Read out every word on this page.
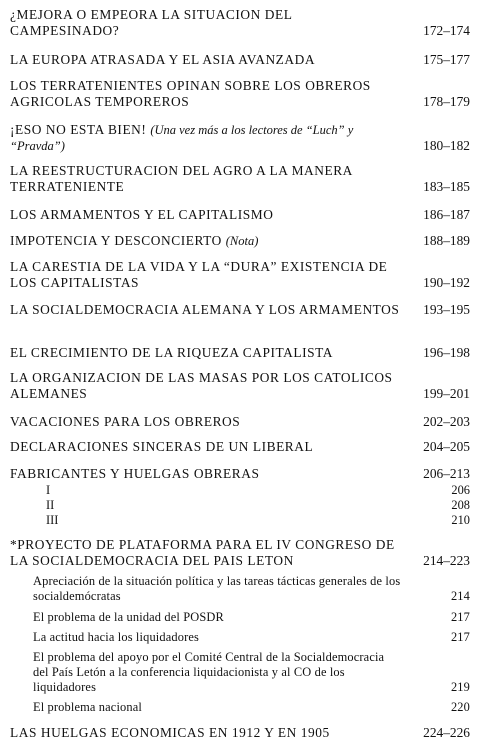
¿MEJORA O EMPEORA LA SITUACION DEL CAMPESINADO?	172–174
LA EUROPA ATRASADA Y EL ASIA AVANZADA	175–177
LOS TERRATENIENTES OPINAN SOBRE LOS OBREROS AGRICOLAS TEMPOREROS	178–179
¡ESO NO ESTA BIEN! (Una vez más a los lectores de “Luch” y “Pravda”)	180–182
LA REESTRUCTURACION DEL AGRO A LA MANERA TERRATENIENTE	183–185
LOS ARMAMENTOS Y EL CAPITALISMO	186–187
IMPOTENCIA Y DESCONCIERTO (Nota)	188–189
LA CARESTIA DE LA VIDA Y LA “DURA” EXISTENCIA DE LOS CAPITALISTAS	190–192
LA SOCIALDEMOCRACIA ALEMANA Y LOS ARMAMENTOS 193–195
EL CRECIMIENTO DE LA RIQUEZA CAPITALISTA	196–198
LA ORGANIZACION DE LAS MASAS POR LOS CATOLICOS ALEMANES	199–201
VACACIONES PARA LOS OBREROS	202–203
DECLARACIONES SINCERAS DE UN LIBERAL	204–205
FABRICANTES Y HUELGAS OBRERAS	206–213
I	206
II	208
III	210
*PROYECTO DE PLATAFORMA PARA EL IV CONGRESO DE LA SOCIALDEMOCRACIA DEL PAIS LETON	214–223
Apreciación de la situación política y las tareas tácticas generales de los socialdemócratas	214
El problema de la unidad del POSDR	217
La actitud hacia los liquidadores	217
El problema del apoyo por el Comité Central de la Socialdemocracia del País Letón a la conferencia liquidacionista y al CO de los liquidadores	219
El problema nacional	220
LAS HUELGAS ECONOMICAS EN 1912 Y EN 1905	224–226
